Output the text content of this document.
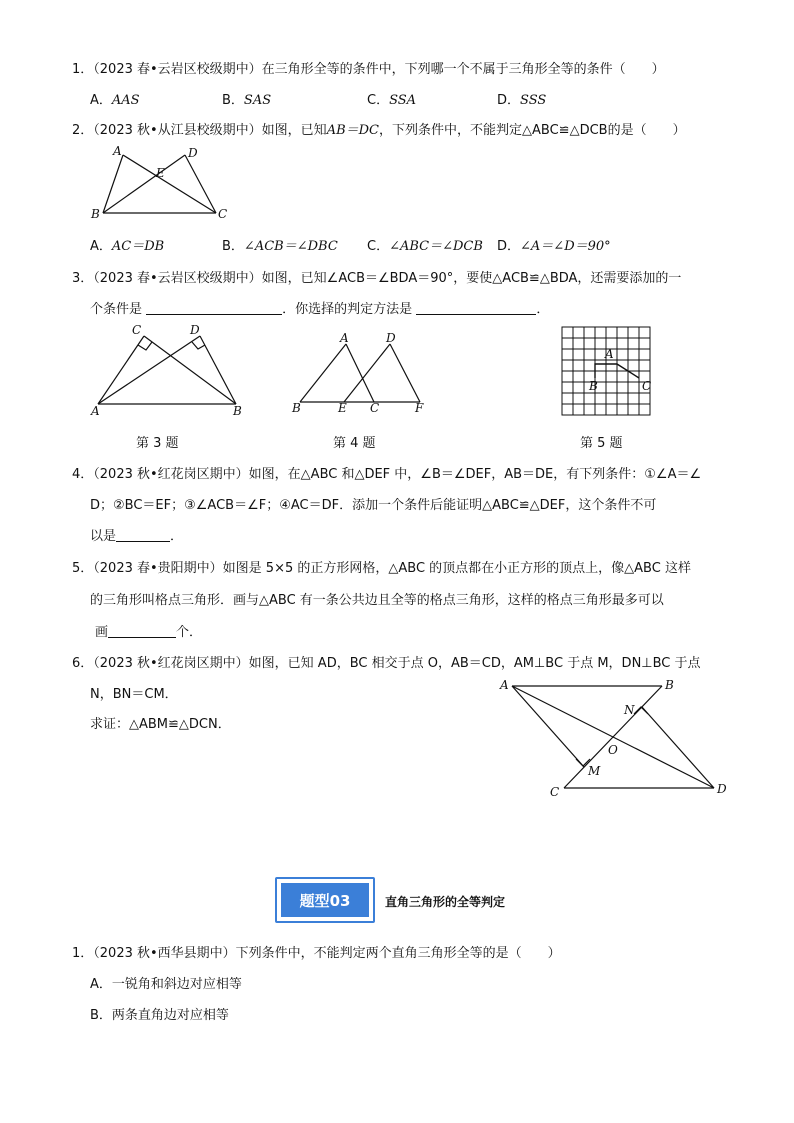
1．（2023 春•云岩区校级期中）在三角形全等的条件中，下列哪一个不属于三角形全等的条件（　　）
A．AAS	B．SAS	C．SSA	D．SSS
2．（2023 秋•从江县校级期中）如图，已知AB＝DC，下列条件中，不能判定△ABC≌△DCB的是（　　）
A	D
E
B	C
A．AC＝DB	B．∠ACB＝∠DBC C．∠ABC＝∠DCB D．∠A＝∠D＝90°
3．（2023 春•云岩区校级期中）如图，已知∠ACB＝∠BDA＝90°，要使△ACB≌△BDA，还需要添加的一
个条件是	．你选择的判定方法是	．
C	D
A	B
第 3 题
A	D
B	E C	F
第 4 题
A
B	C
第 5 题
4．（2023 秋•红花岗区期中）如图，在△ABC 和△DEF 中，∠B＝∠DEF，AB＝DE，有下列条件：①∠A＝∠
D；②BC＝EF；③∠ACB＝∠F；④AC＝DF．添加一个条件后能证明△ABC≌△DEF，这个条件不可
以是	．
5．（2023 春•贵阳期中）如图是 5×5 的正方形网格，△ABC 的顶点都在小正方形的顶点上，像△ABC 这样
的三角形叫格点三角形．画与△ABC 有一条公共边且全等的格点三角形，这样的格点三角形最多可以
画	个．
6．（2023 秋•红花岗区期中）如图，已知 AD，BC 相交于点 O，AB＝CD，AM⊥BC 于点 M，DN⊥BC 于点
N，BN＝CM．
求证：△ABM≌△DCN．
A	B
N
O
M
C	D
题型03	直角三角形的全等判定
1．（2023 秋•西华县期中）下列条件中，不能判定两个直角三角形全等的是（　　）
A．一锐角和斜边对应相等
B．两条直角边对应相等
